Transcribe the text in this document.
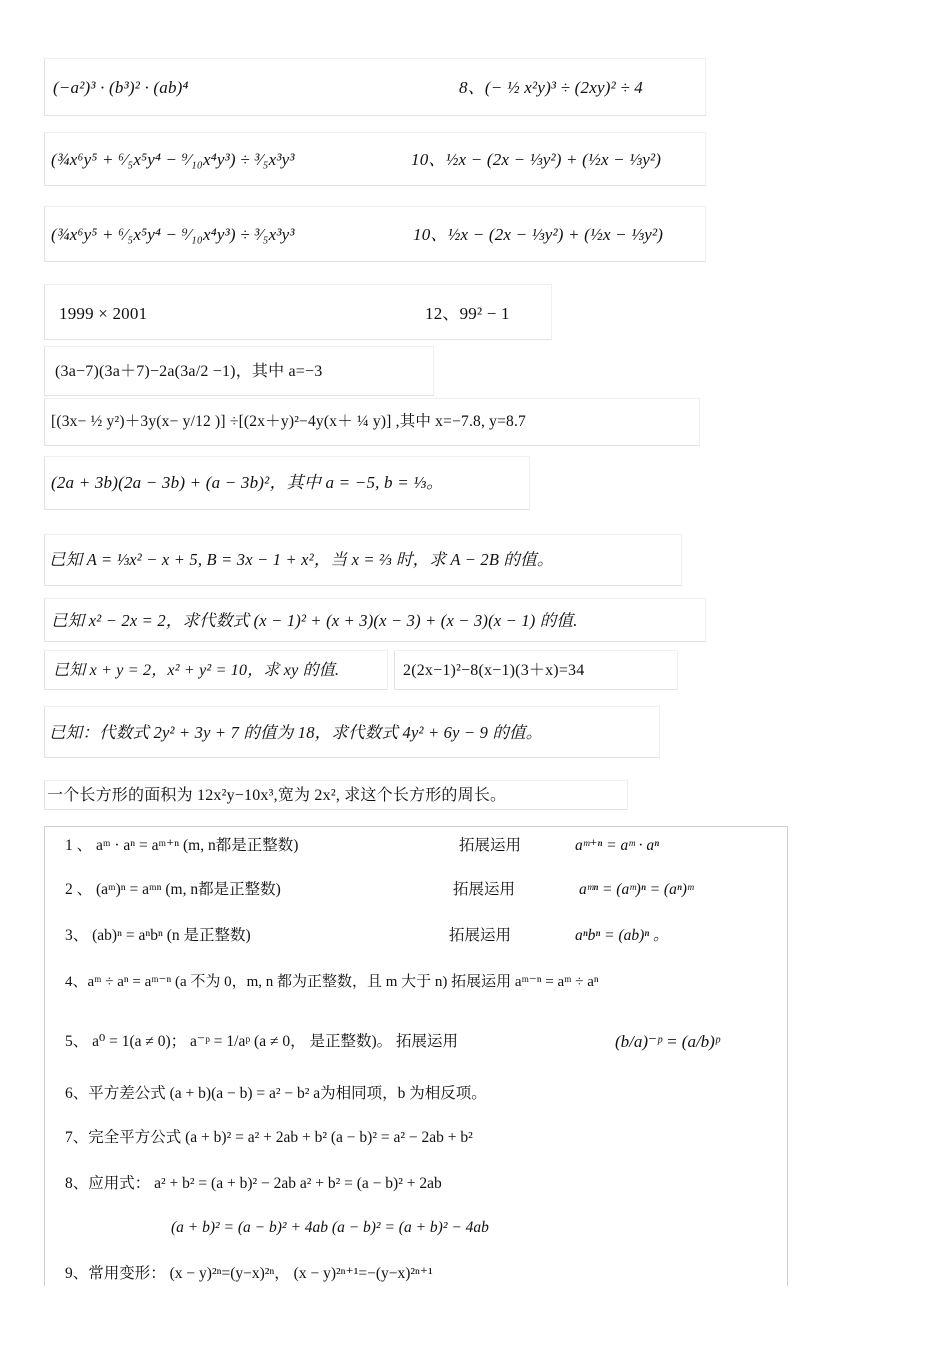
(−a²)³ · (b³)² · (ab)⁴	8、(− ½ x²y)³ ÷ (2xy)² ÷ 4
(¾x⁶y⁵ + ⁶⁄₅x⁵y⁴ − ⁹⁄₁₀x⁴y³) ÷ ³⁄₅x³y³	10、½x − (2x − ⅓y²) + (½x − ⅓y²)
(¾x⁶y⁵ + ⁶⁄₅x⁵y⁴ − ⁹⁄₁₀x⁴y³) ÷ ³⁄₅x³y³	10、½x − (2x − ⅓y²) + (½x − ⅓y²)
1999 × 2001	12、99² − 1
(3a−7)(3a＋7)−2a(3a/2 −1)，其中 a=−3
[(3x− ½ y²)＋3y(x− y/12 )] ÷[(2x＋y)²−4y(x＋ ¼ y)] ,其中 x=−7.8, y=8.7
(2a + 3b)(2a − 3b) + (a − 3b)²，其中 a = −5, b = ⅓。
已知 A = ⅓x² − x + 5, B = 3x − 1 + x²，当 x = ⅔ 时，求 A − 2B 的值。
已知 x² − 2x = 2，求代数式 (x − 1)² + (x + 3)(x − 3) + (x − 3)(x − 1) 的值.
已知 x + y = 2，x² + y² = 10，求 xy 的值.	2(2x−1)²−8(x−1)(3＋x)=34
已知：代数式 2y² + 3y + 7 的值为 18，求代数式 4y² + 6y − 9 的值。
一个长方形的面积为 12x²y−10x³,宽为 2x², 求这个长方形的周长。
1 、 aᵐ · aⁿ = aᵐ⁺ⁿ (m, n都是正整数)	拓展运用	aᵐ⁺ⁿ = aᵐ · aⁿ
2 、 (aᵐ)ⁿ = aᵐⁿ (m, n都是正整数)	拓展运用	aᵐⁿ = (aᵐ)ⁿ = (aⁿ)ᵐ
3、 (ab)ⁿ = aⁿbⁿ (n 是正整数)	拓展运用	aⁿbⁿ = (ab)ⁿ 。
4、aᵐ ÷ aⁿ = aᵐ⁻ⁿ (a 不为 0，m, n 都为正整数，且 m 大于 n) 拓展运用 aᵐ⁻ⁿ = aᵐ ÷ aⁿ
5、 a⁰ = 1(a ≠ 0)； a⁻ᵖ = 1/aᵖ (a ≠ 0， 是正整数)。 拓展运用	(b/a)⁻ᵖ = (a/b)ᵖ
6、平方差公式 (a + b)(a − b) = a² − b² a为相同项，b 为相反项。
7、完全平方公式 (a + b)² = a² + 2ab + b² (a − b)² = a² − 2ab + b²
8、应用式： a² + b² = (a + b)² − 2ab a² + b² = (a − b)² + 2ab
(a + b)² = (a − b)² + 4ab (a − b)² = (a + b)² − 4ab
9、常用变形： (x − y)²ⁿ=(y−x)²ⁿ， (x − y)²ⁿ⁺¹=−(y−x)²ⁿ⁺¹
